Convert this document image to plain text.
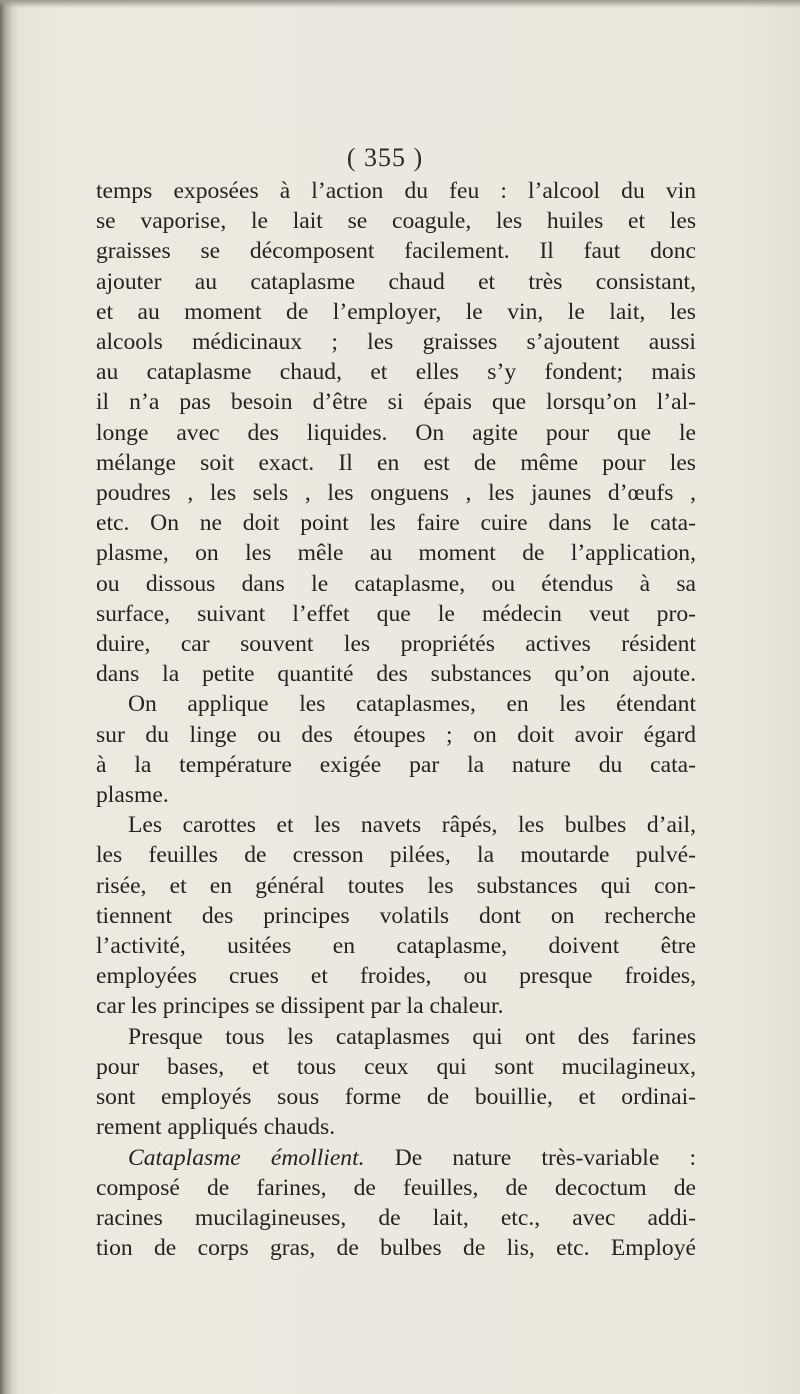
( 355 )
temps exposées à l’action du feu : l’alcool du vin
se vaporise, le lait se coagule, les huiles et les
graisses se décomposent facilement. Il faut donc
ajouter au cataplasme chaud et très consistant,
et au moment de l’employer, le vin, le lait, les
alcools médicinaux ; les graisses s’ajoutent aussi
au cataplasme chaud, et elles s’y fondent; mais
il n’a pas besoin d’être si épais que lorsqu’on l’al-
longe avec des liquides. On agite pour que le
mélange soit exact. Il en est de même pour les
poudres , les sels , les onguens , les jaunes d’œufs ,
etc. On ne doit point les faire cuire dans le cata-
plasme, on les mêle au moment de l’application,
ou dissous dans le cataplasme, ou étendus à sa
surface, suivant l’effet que le médecin veut pro-
duire, car souvent les propriétés actives résident
dans la petite quantité des substances qu’on ajoute.
On applique les cataplasmes, en les étendant
sur du linge ou des étoupes ; on doit avoir égard
à la température exigée par la nature du cata-
plasme.
Les carottes et les navets râpés, les bulbes d’ail,
les feuilles de cresson pilées, la moutarde pulvé-
risée, et en général toutes les substances qui con-
tiennent des principes volatils dont on recherche
l’activité, usitées en cataplasme, doivent être
employées crues et froides, ou presque froides,
car les principes se dissipent par la chaleur.
Presque tous les cataplasmes qui ont des farines
pour bases, et tous ceux qui sont mucilagineux,
sont employés sous forme de bouillie, et ordinai-
rement appliqués chauds.
Cataplasme émollient. De nature très-variable :
composé de farines, de feuilles, de decoctum de
racines mucilagineuses, de lait, etc., avec addi-
tion de corps gras, de bulbes de lis, etc. Employé
